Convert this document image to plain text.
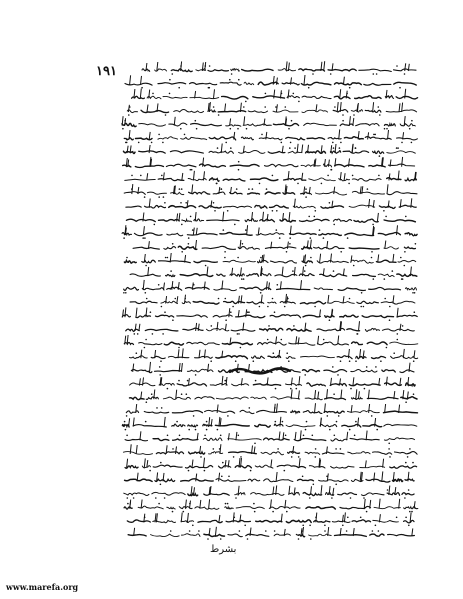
١٩١
بشرط
www.marefa.org
